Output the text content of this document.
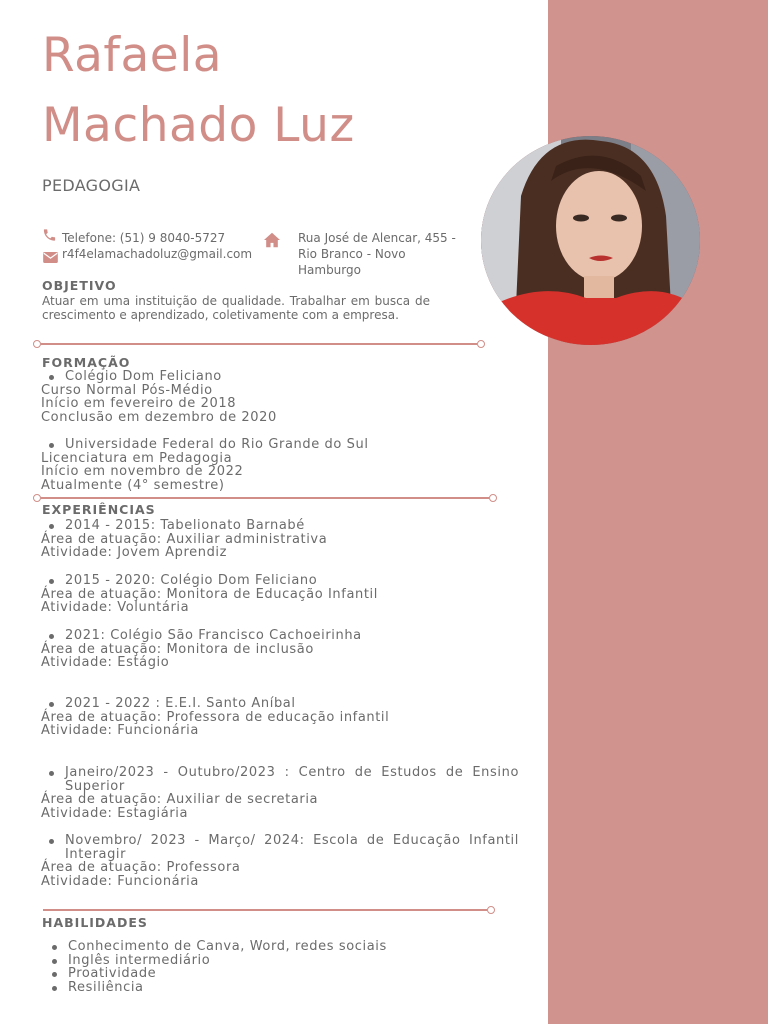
Rafaela
Machado Luz
PEDAGOGIA
Telefone: (51) 9 8040-5727
r4f4elamachadoluz@gmail.com
Rua José de Alencar, 455 -
Rio Branco - Novo
Hamburgo
OBJETIVO
Atuar em uma instituição de qualidade. Trabalhar em busca de crescimento e aprendizado, coletivamente com a empresa.
FORMAÇÃO
Colégio Dom Feliciano
Curso Normal Pós-Médio
Início em fevereiro de 2018
Conclusão em dezembro de 2020
Universidade Federal do Rio Grande do Sul
Licenciatura em Pedagogia
Início em novembro de 2022
Atualmente (4° semestre)
EXPERIÊNCIAS
2014 - 2015: Tabelionato Barnabé
Área de atuação: Auxiliar administrativa
Atividade: Jovem Aprendiz
2015 - 2020: Colégio Dom Feliciano
Área de atuação: Monitora de Educação Infantil
Atividade: Voluntária
2021: Colégio São Francisco Cachoeirinha
Área de atuação: Monitora de inclusão
Atividade: Estágio
2021 - 2022 : E.E.I. Santo Aníbal
Área de atuação: Professora de educação infantil
Atividade: Funcionária
Janeiro/2023 - Outubro/2023 : Centro de Estudos de Ensino Superior
Área de atuação: Auxiliar de secretaria
Atividade: Estagiária
Novembro/ 2023 - Março/ 2024: Escola de Educação Infantil Interagir
Área de atuação: Professora
Atividade: Funcionária
HABILIDADES
Conhecimento de Canva, Word, redes sociais
Inglês intermediário
Proatividade
Resiliência
